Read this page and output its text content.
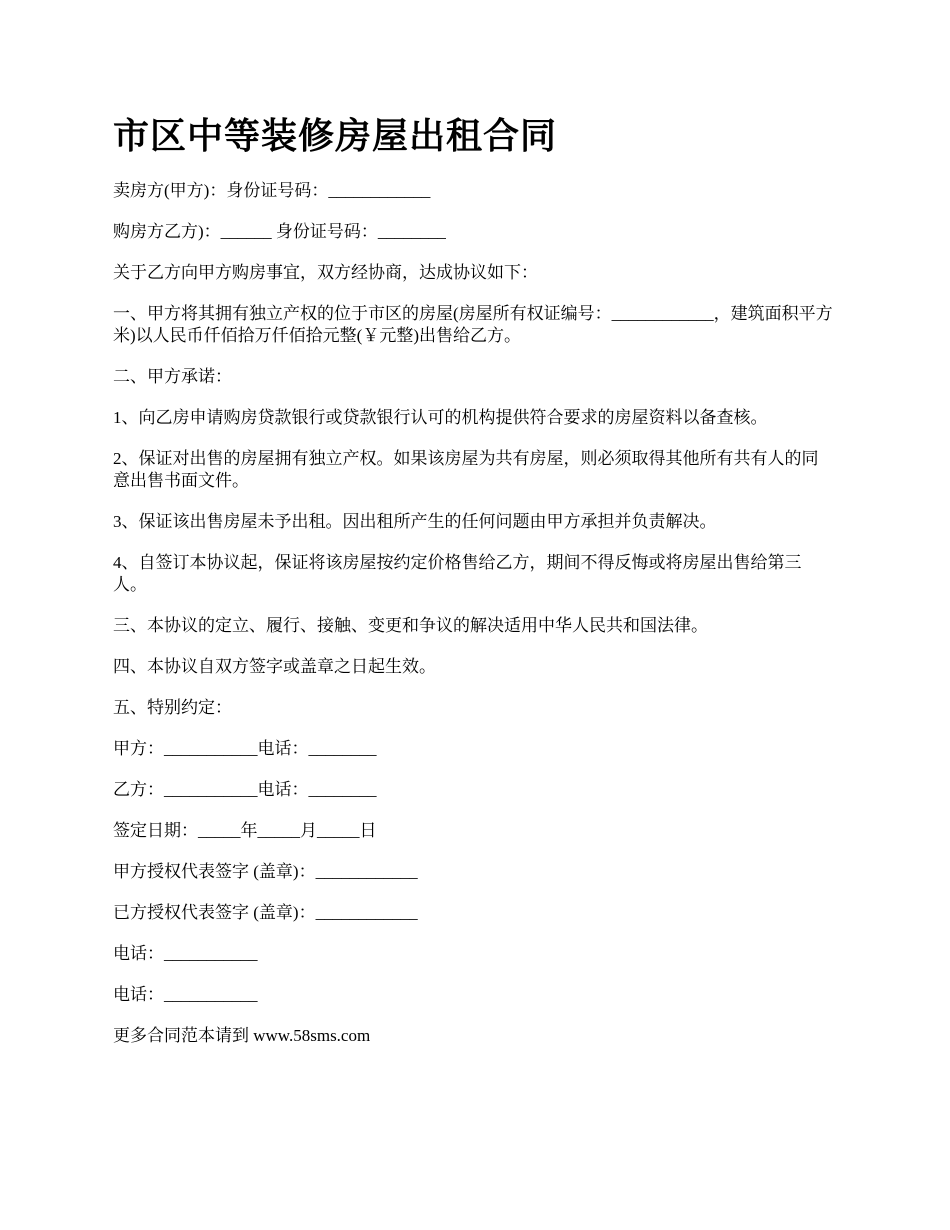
市区中等装修房屋出租合同

卖房方(甲方)：身份证号码：____________

购房方乙方)：______ 身份证号码：________

关于乙方向甲方购房事宜，双方经协商，达成协议如下：

一、甲方将其拥有独立产权的位于市区的房屋(房屋所有权证编号：____________，建筑面积平方米)以人民币仟佰拾万仟佰拾元整(￥元整)出售给乙方。

二、甲方承诺：

1、向乙房申请购房贷款银行或贷款银行认可的机构提供符合要求的房屋资料以备查核。

2、保证对出售的房屋拥有独立产权。如果该房屋为共有房屋，则必须取得其他所有共有人的同意出售书面文件。

3、保证该出售房屋未予出租。因出租所产生的任何问题由甲方承担并负责解决。

4、自签订本协议起，保证将该房屋按约定价格售给乙方，期间不得反悔或将房屋出售给第三人。

三、本协议的定立、履行、接触、变更和争议的解决适用中华人民共和国法律。

四、本协议自双方签字或盖章之日起生效。

五、特别约定：

甲方：___________电话：________

乙方：___________电话：________

签定日期：_____年_____月_____日

甲方授权代表签字 (盖章)：____________

已方授权代表签字 (盖章)：____________

电话：___________

电话：___________

更多合同范本请到 www.58sms.com
